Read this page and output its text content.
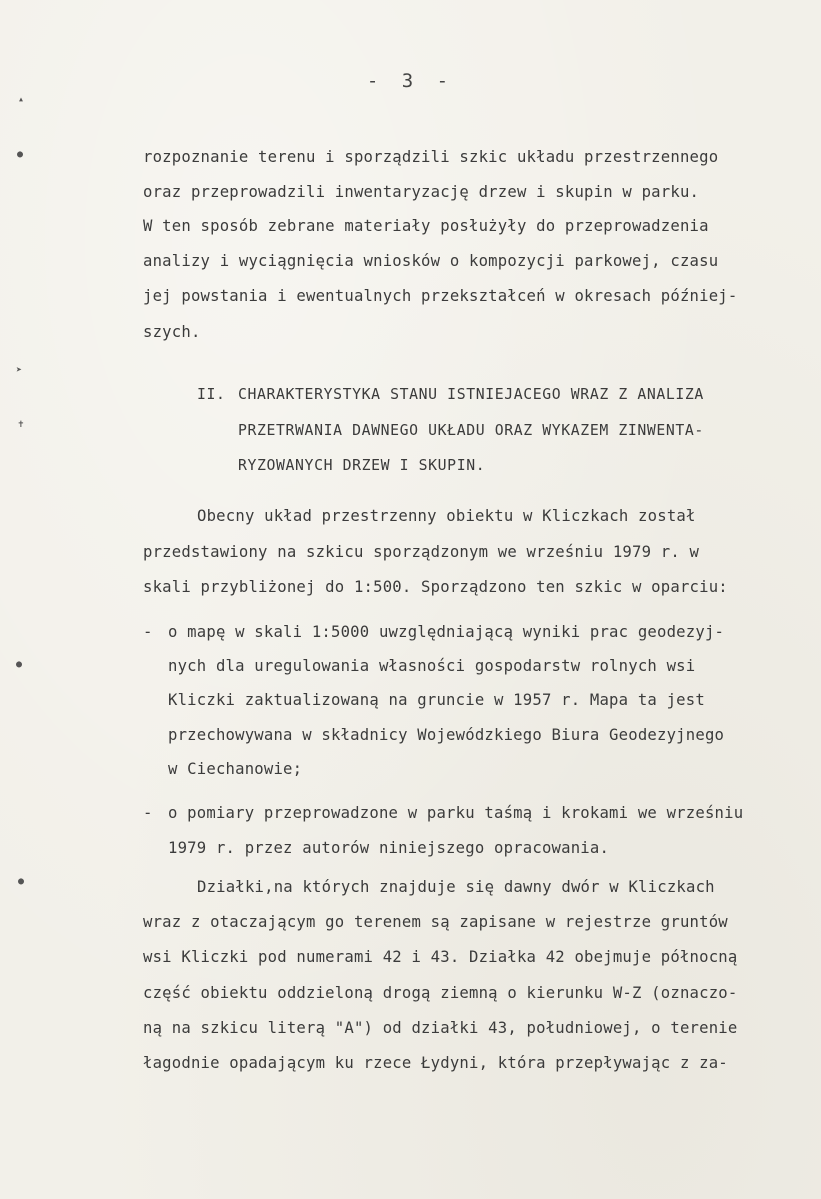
- 3 -
▴
●
➤
✝
●
●
rozpoznanie terenu i sporządzili szkic układu przestrzennego
oraz przeprowadzili inwentaryzację drzew i skupin w parku.
W ten sposób zebrane materiały posłużyły do przeprowadzenia
analizy i wyciągnięcia wniosków o kompozycji parkowej, czasu
jej powstania i ewentualnych przekształceń w okresach później-
szych.
II. CHARAKTERYSTYKA STANU ISTNIEJACEGO WRAZ Z ANALIZA
PRZETRWANIA DAWNEGO UKŁADU ORAZ WYKAZEM ZINWENTA-
RYZOWANYCH DRZEW I SKUPIN.
Obecny układ przestrzenny obiektu w Kliczkach został
przedstawiony na szkicu sporządzonym we wrześniu 1979 r. w
skali przybliżonej do 1:500. Sporządzono ten szkic w oparciu:
- o mapę w skali 1:5000 uwzględniającą wyniki prac geodezyj-
nych dla uregulowania własności gospodarstw rolnych wsi
Kliczki zaktualizowaną na gruncie w 1957 r. Mapa ta jest
przechowywana w składnicy Wojewódzkiego Biura Geodezyjnego
w Ciechanowie;
- o pomiary przeprowadzone w parku taśmą i krokami we wrześniu
1979 r. przez autorów niniejszego opracowania.
Działki,na których znajduje się dawny dwór w Kliczkach
wraz z otaczającym go terenem są zapisane w rejestrze gruntów
wsi Kliczki pod numerami 42 i 43. Działka 42 obejmuje północną
część obiektu oddzieloną drogą ziemną o kierunku W-Z (oznaczo-
ną na szkicu literą "A") od działki 43, południowej, o terenie
łagodnie opadającym ku rzece Łydyni, która przepływając z za-
